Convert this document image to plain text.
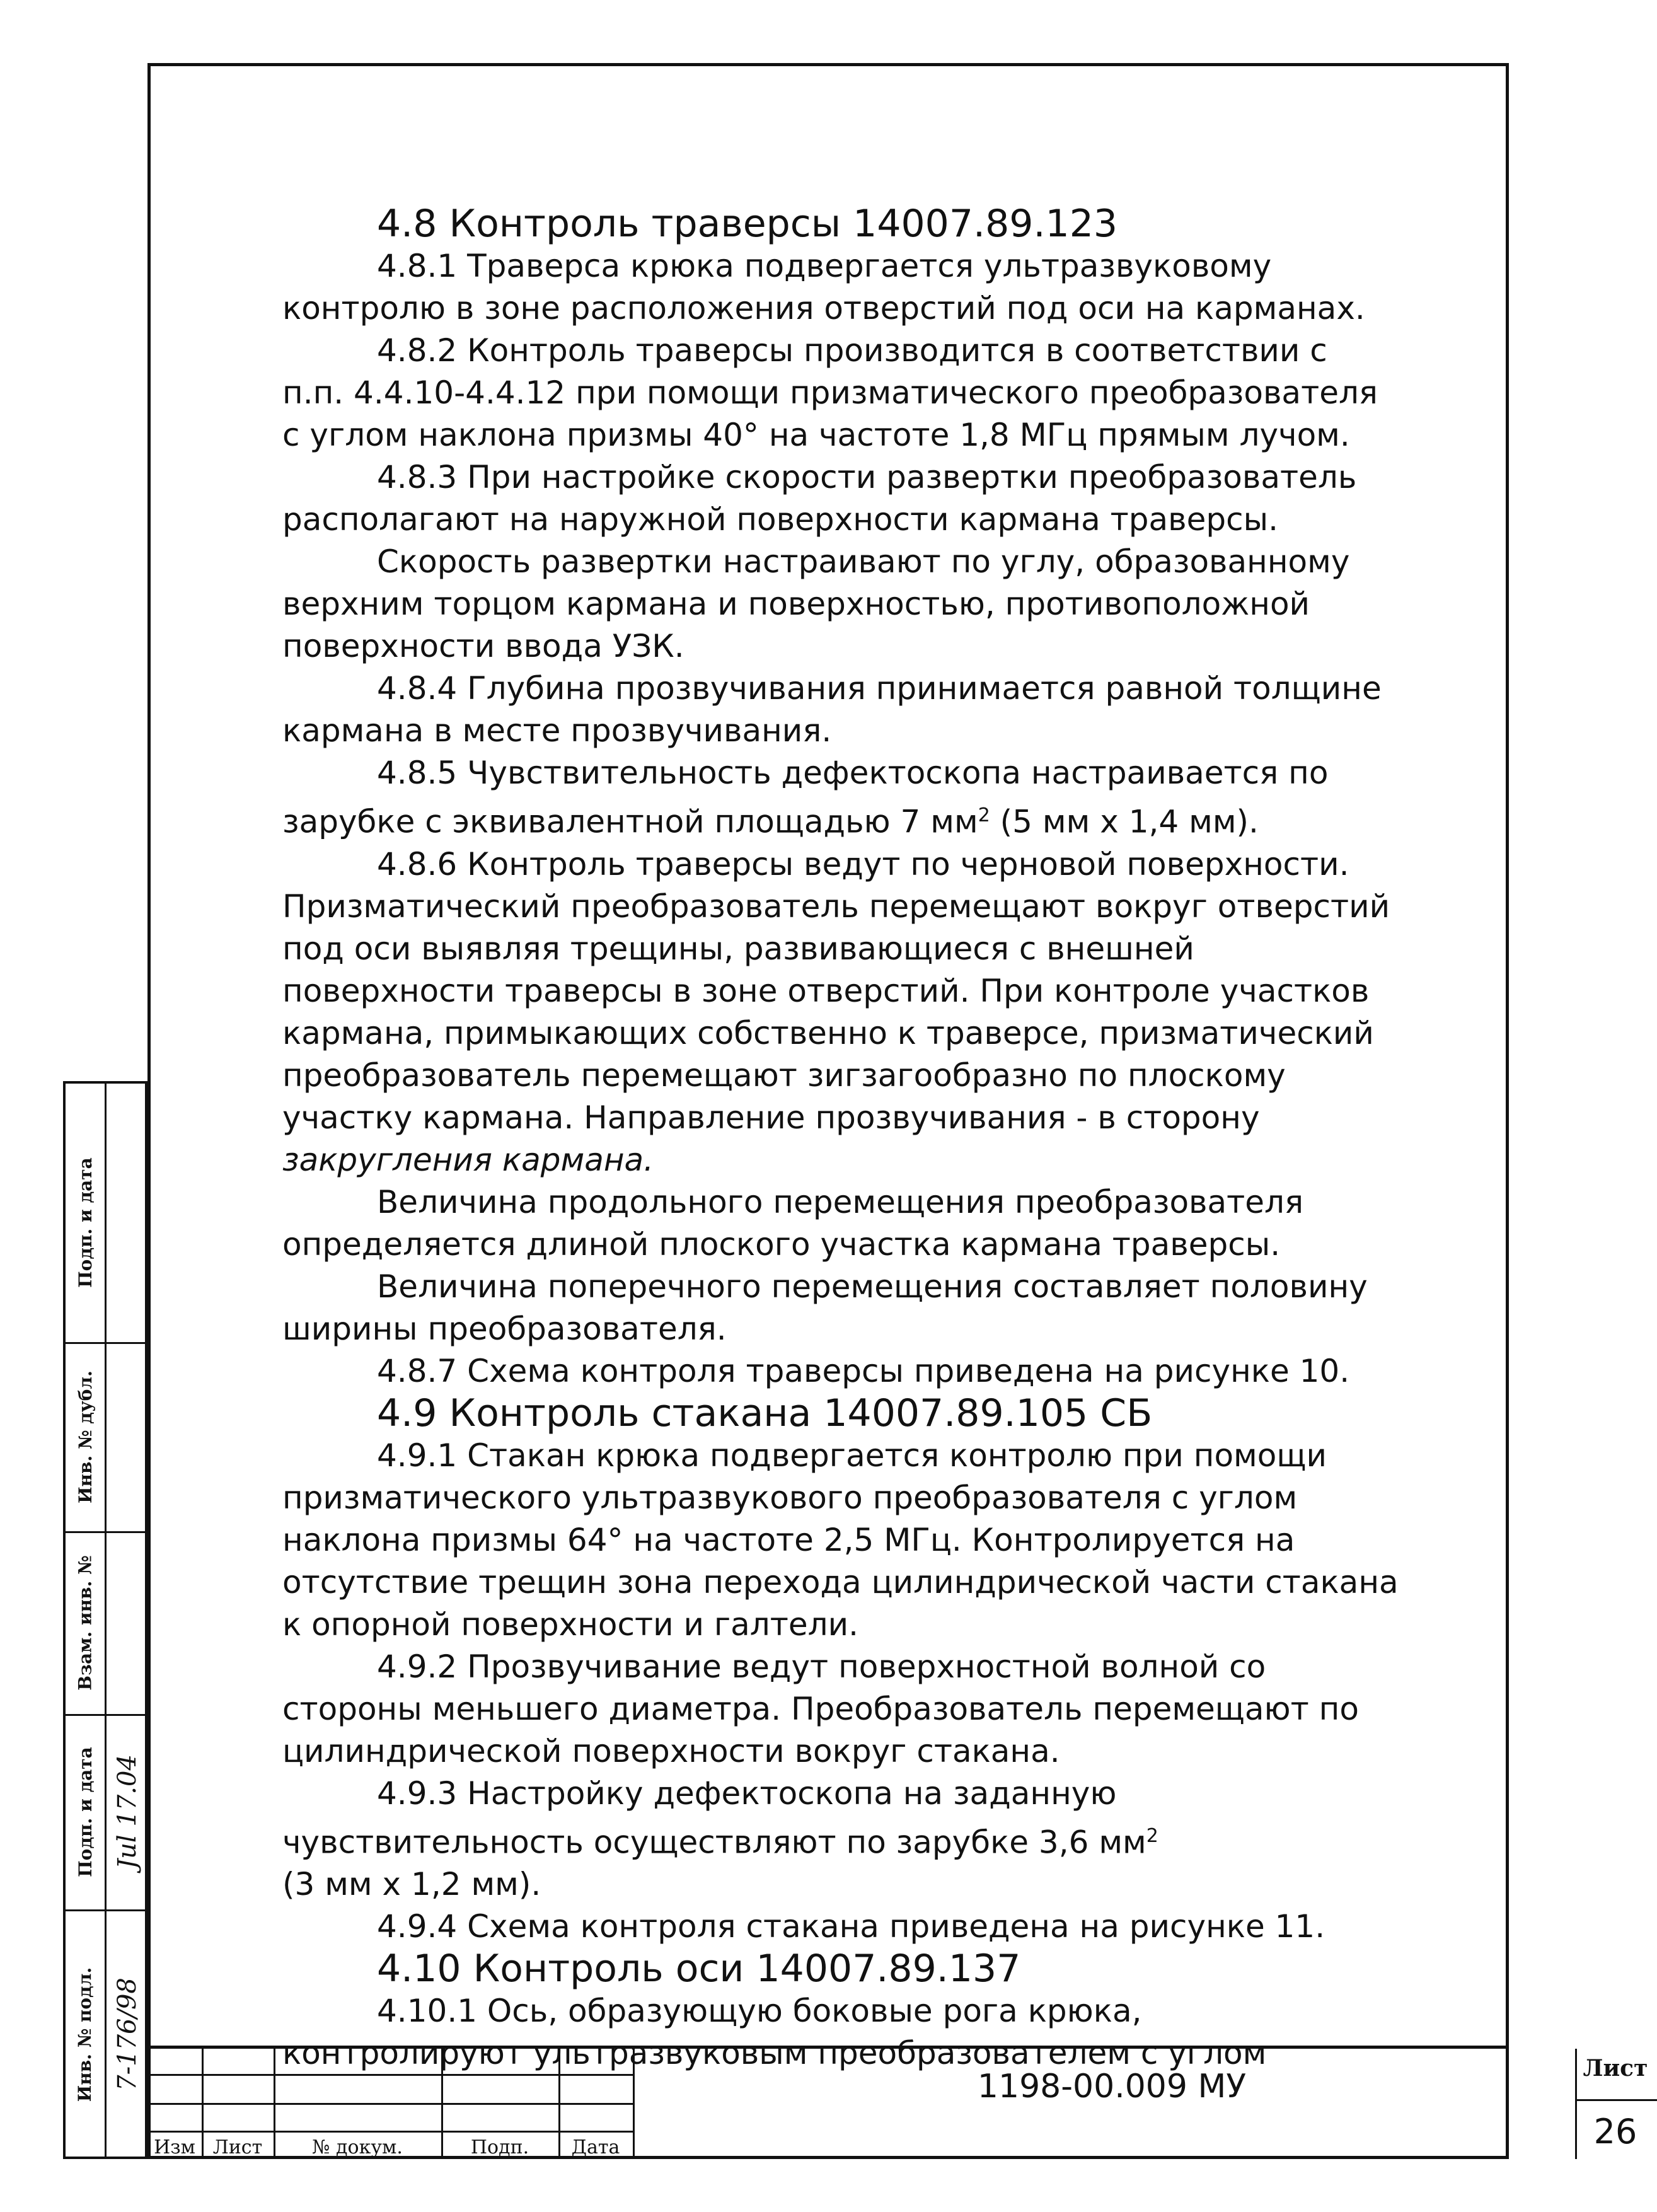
4.8 Контроль траверсы 14007.89.123

4.8.1 Траверса крюка подвергается ультразвуковому

контролю в зоне расположения отверстий под оси на карманах.

4.8.2 Контроль траверсы производится в соответствии с

п.п. 4.4.10-4.4.12 при помощи призматического преобразователя

с углом наклона призмы 40° на частоте 1,8 МГц прямым лучом.

4.8.3 При настройке скорости развертки преобразователь

располагают на наружной поверхности кармана траверсы.

Скорость развертки настраивают по углу, образованному

верхним торцом кармана и поверхностью, противоположной

поверхности ввода УЗК.

4.8.4 Глубина прозвучивания принимается равной толщине

кармана в месте прозвучивания.

4.8.5 Чувствительность дефектоскопа настраивается по

зарубке с эквивалентной площадью 7 $мм^2$ (5 мм х 1,4 мм).

4.8.6 Контроль траверсы ведут по черновой поверхности.

Призматический преобразователь перемещают вокруг отверстий

под оси выявляя трещины, развивающиеся с внешней

поверхности траверсы в зоне отверстий. При контроле участков

кармана, примыкающих собственно к траверсе, призматический

преобразователь перемещают зигзагообразно по плоскому

участку кармана. Направление прозвучивания - в сторону

закругления кармана.

Величина продольного перемещения преобразователя

определяется длиной плоского участка кармана траверсы.

Величина поперечного перемещения составляет половину

ширины преобразователя.

4.8.7 Схема контроля траверсы приведена на рисунке 10.

4.9 Контроль стакана 14007.89.105 СБ

4.9.1 Стакан крюка подвергается контролю при помощи

призматического ультразвукового преобразователя с углом

наклона призмы 64° на частоте 2,5 МГц. Контролируется на

отсутствие трещин зона перехода цилиндрической части стакана

к опорной поверхности и галтели.

4.9.2 Прозвучивание ведут поверхностной волной со

стороны меньшего диаметра. Преобразователь перемещают по

цилиндрической поверхности вокруг стакана.

4.9.3 Настройку дефектоскопа на заданную

чувствительность осуществляют по зарубке 3,6 $мм^2$

(3 мм х 1,2 мм).

4.9.4 Схема контроля стакана приведена на рисунке 11.

4.10 Контроль оси 14007.89.137

4.10.1 Ось, образующую боковые рога крюка,

контролируют ультразвуковым преобразователем с углом

Подп. и дата
Инв. № дубл.
Взам. инв. №
Подп. и дата
Инв. № подл.
Jul 17.04
7-176/98
Изм Лист	№ докум.	Подп.	Дата
1198-00.009 МУ	Лист
26
